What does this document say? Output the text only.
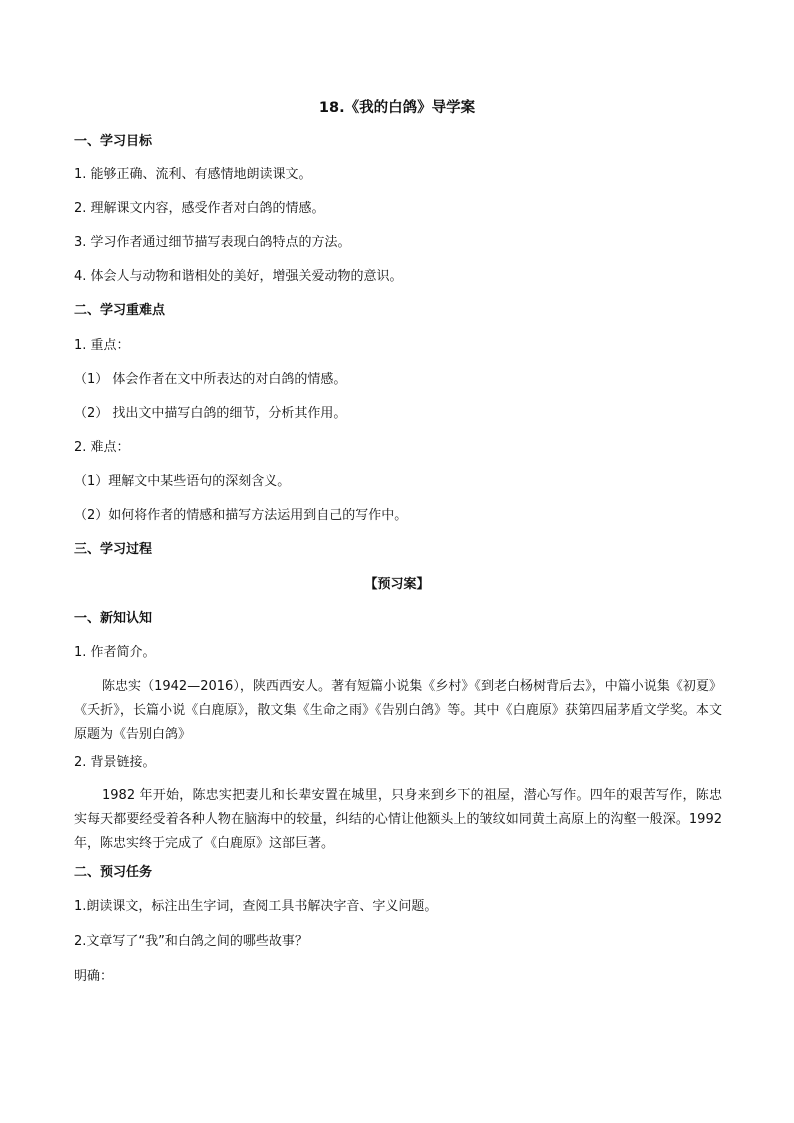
18.《我的白鸽》导学案
一、学习目标
1. 能够正确、流利、有感情地朗读课文。
2. 理解课文内容，感受作者对白鸽的情感。
3. 学习作者通过细节描写表现白鸽特点的方法。
4. 体会人与动物和谐相处的美好，增强关爱动物的意识。
二、学习重难点
1. 重点：
（1） 体会作者在文中所表达的对白鸽的情感。
（2） 找出文中描写白鸽的细节，分析其作用。
2. 难点：
（1）理解文中某些语句的深刻含义。
（2）如何将作者的情感和描写方法运用到自己的写作中。
三、学习过程
【预习案】
一、新知认知
1. 作者简介。
陈忠实（1942—2016），陕西西安人。著有短篇小说集《乡村》《到老白杨树背后去》，中篇小说集《初夏》《夭折》，长篇小说《白鹿原》，散文集《生命之雨》《告别白鸽》等。其中《白鹿原》获第四届茅盾文学奖。本文原题为《告别白鸽》
2. 背景链接。
1982 年开始，陈忠实把妻儿和长辈安置在城里，只身来到乡下的祖屋，潜心写作。四年的艰苦写作，陈忠实每天都要经受着各种人物在脑海中的较量，纠结的心情让他额头上的皱纹如同黄土高原上的沟壑一般深。1992 年，陈忠实终于完成了《白鹿原》这部巨著。
二、预习任务
1.朗读课文，标注出生字词，查阅工具书解决字音、字义问题。
2.文章写了“我”和白鸽之间的哪些故事？
明确：
